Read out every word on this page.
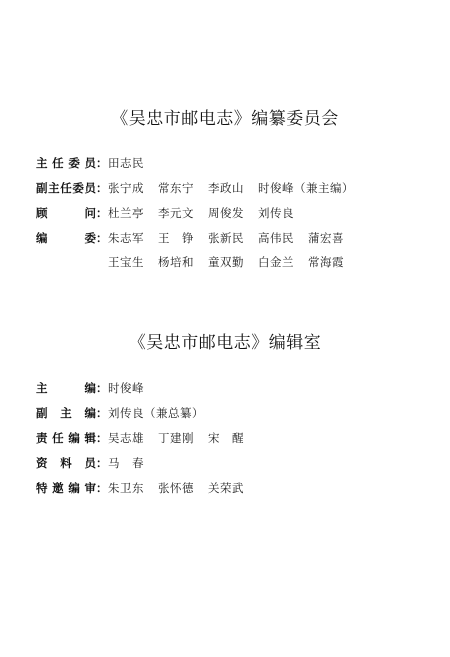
《吴忠市邮电志》编纂委员会
主任委员 ： 田志民
副主任委员 ： 张宁成 常东宁 李政山 时俊峰（兼主编）
顾问 ： 杜兰亭 李元文 周俊发 刘传良
编委 ： 朱志军 王　铮 张新民 高伟民 蒲宏喜
王宝生 杨培和 童双勤 白金兰 常海霞
《吴忠市邮电志》编辑室
主编 ： 时俊峰
副主编 ： 刘传良（兼总纂）
责任编辑 ： 吴志雄 丁建刚 宋　醒
资料员 ： 马　春
特邀编审 ： 朱卫东 张怀德 关荣武
